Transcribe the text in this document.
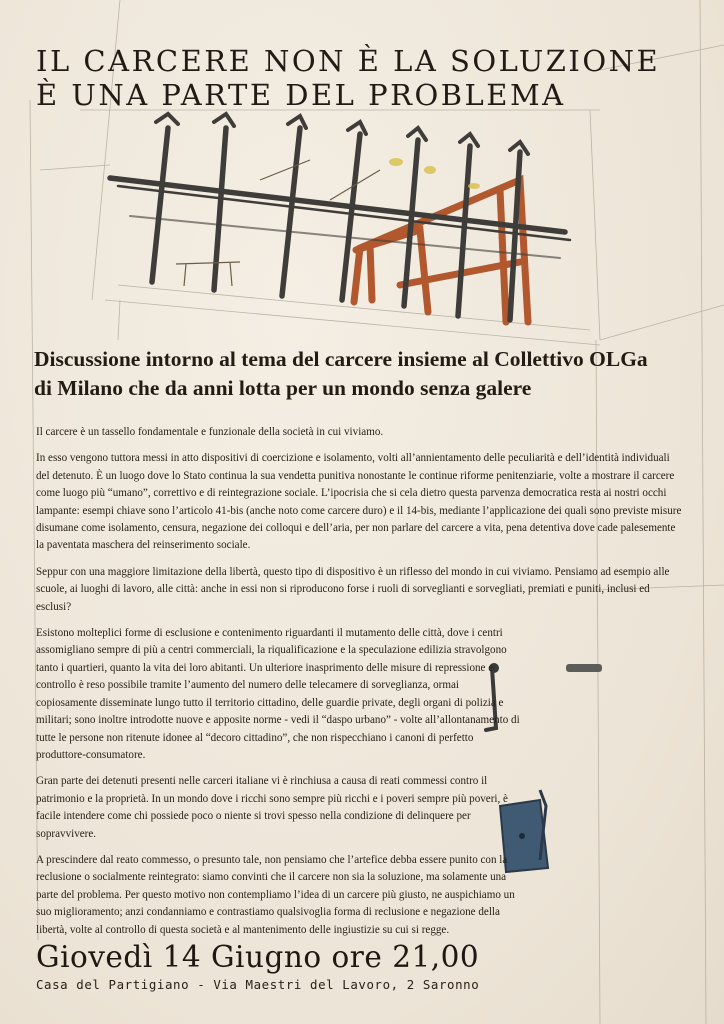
IL CARCERE NON È LA SOLUZIONE
È UNA PARTE DEL PROBLEMA
Discussione intorno al tema del carcere insieme al Collettivo OLGa
di Milano che da anni lotta per un mondo senza galere

Il carcere è un tassello fondamentale e funzionale della società in cui viviamo.

In esso vengono tuttora messi in atto dispositivi di coercizione e isolamento, volti all’annientamento delle peculiarità e dell’identità individuali del detenuto. È un luogo dove lo Stato continua la sua vendetta punitiva nonostante le continue riforme penitenziarie, volte a mostrare il carcere come luogo più “umano”, correttivo e di reintegrazione sociale. L’ipocrisia che si cela dietro questa parvenza democratica resta ai nostri occhi lampante: esempi chiave sono l’articolo 41-bis (anche noto come carcere duro) e il 14-bis, mediante l’applicazione dei quali sono previste misure disumane come isolamento, censura, negazione dei colloqui e dell’aria, per non parlare del carcere a vita, pena detentiva dove cade palesemente la paventata maschera del reinserimento sociale.

Seppur con una maggiore limitazione della libertà, questo tipo di dispositivo è un riflesso del mondo in cui viviamo. Pensiamo ad esempio alle scuole, ai luoghi di lavoro, alle città: anche in essi non si riproducono forse i ruoli di sorveglianti e sorvegliati, premiati e puniti, inclusi ed esclusi?

Esistono molteplici forme di esclusione e contenimento riguardanti il mutamento delle città, dove i centri assomigliano sempre di più a centri commerciali, la riqualificazione e la speculazione edilizia stravolgono tanto i quartieri, quanto la vita dei loro abitanti. Un ulteriore inasprimento delle misure di repressione e controllo è reso possibile tramite l’aumento del numero delle telecamere di sorveglianza, ormai copiosamente disseminate lungo tutto il territorio cittadino, delle guardie private, degli organi di polizia e militari; sono inoltre introdotte nuove e apposite norme - vedi il “daspo urbano” - volte all’allontanamento di tutte le persone non ritenute idonee al “decoro cittadino”, che non rispecchiano i canoni di perfetto produttore-consumatore.

Gran parte dei detenuti presenti nelle carceri italiane vi è rinchiusa a causa di reati commessi contro il patrimonio e la proprietà. In un mondo dove i ricchi sono sempre più ricchi e i poveri sempre più poveri, è facile intendere come chi possiede poco o niente si trovi spesso nella condizione di delinquere per sopravvivere.

A prescindere dal reato commesso, o presunto tale, non pensiamo che l’artefice debba essere punito con la reclusione o socialmente reintegrato: siamo convinti che il carcere non sia la soluzione, ma solamente una parte del problema. Per questo motivo non contempliamo l’idea di un carcere più giusto, ne auspichiamo un suo miglioramento; anzi condanniamo e contrastiamo qualsivoglia forma di reclusione e negazione della libertà, volte al controllo di questa società e al mantenimento delle ingiustizie su cui si regge.

Giovedì 14 Giugno ore 21,00

Casa del Partigiano - Via Maestri del Lavoro, 2 Saronno
